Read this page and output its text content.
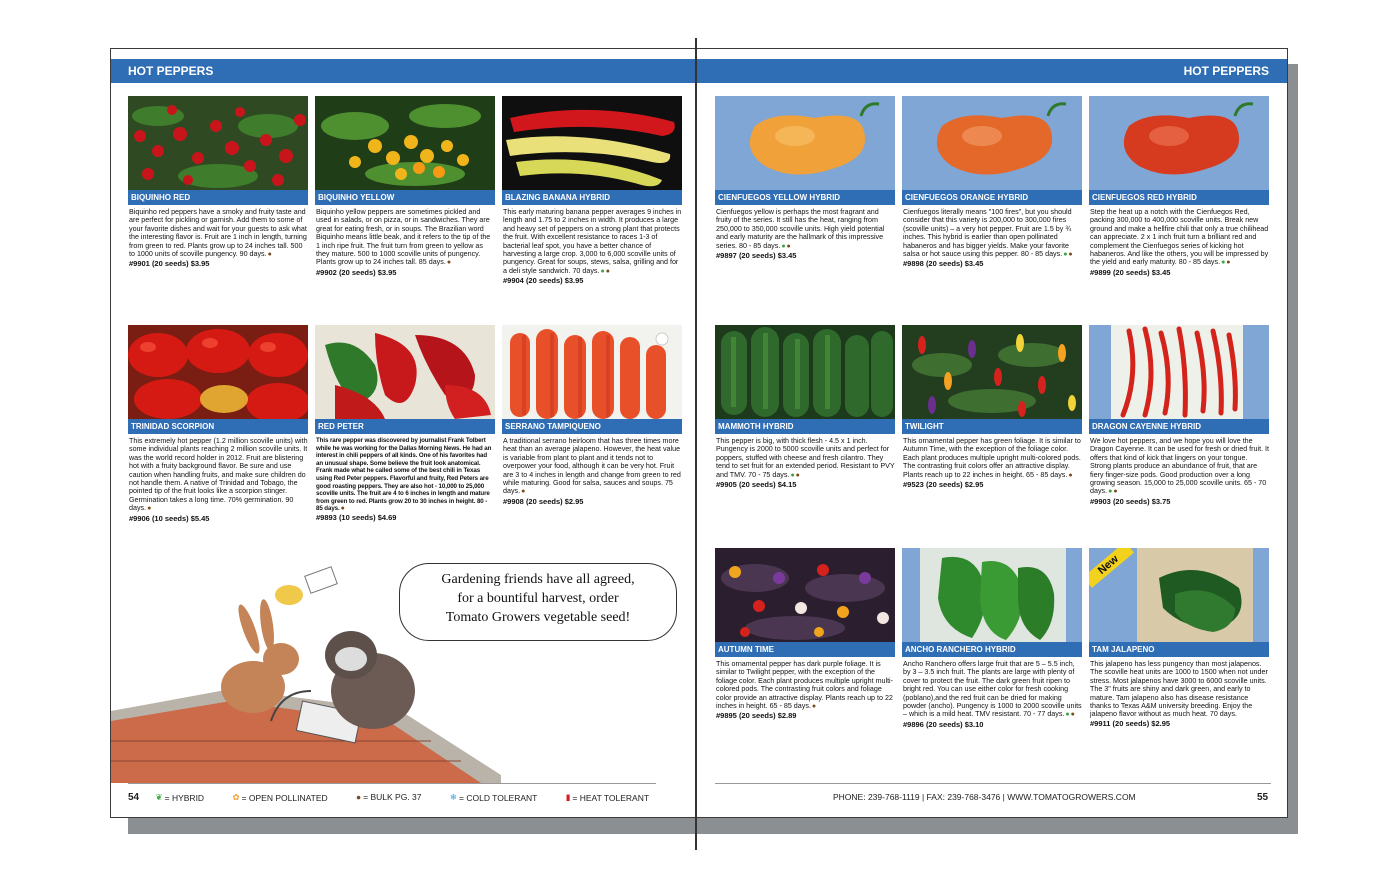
HOT PEPPERS	HOT PEPPERS
BIQUINHO RED
Biquinho red peppers have a smoky and fruity taste and are perfect for pickling or garnish. Add them to some of your favorite dishes and wait for your guests to ask what the interesting flavor is. Fruit are 1 inch in length, turning from green to red. Plants grow up to 24 inches tall. 500 to 1000 units of scoville pungency. 90 days.●
#9901 (20 seeds) $3.95
BIQUINHO YELLOW
Biquinho yellow peppers are sometimes pickled and used in salads, or on pizza, or in sandwiches. They are great for eating fresh, or in soups. The Brazilian word Biquinho means little beak, and it refers to the tip of the 1 inch ripe fruit. The fruit turn from green to yellow as they mature. 500 to 1000 scoville units of pungency. Plants grow up to 24 inches tall. 85 days.●
#9902 (20 seeds) $3.95
BLAZING BANANA HYBRID
This early maturing banana pepper averages 9 inches in length and 1.75 to 2 inches in width. It produces a large and heavy set of peppers on a strong plant that protects the fruit. With excellent resistance to races 1-3 of bacterial leaf spot, you have a better chance of harvesting a large crop. 3,000 to 6,000 scoville units of pungency. Great for soups, stews, salsa, grilling and for a deli style sandwich. 70 days.●●
#9904 (20 seeds) $3.95
TRINIDAD SCORPION
This extremely hot pepper (1.2 million scoville units) with some individual plants reaching 2 million scoville units. It was the world record holder in 2012. Fruit are blistering hot with a fruity background flavor. Be sure and use caution when handling fruits, and make sure children do not handle them. A native of Trinidad and Tobago, the pointed tip of the fruit looks like a scorpion stinger. Germination takes a long time. 70% germination. 90 days.●
#9906 (10 seeds) $5.45
RED PETER
This rare pepper was discovered by journalist Frank Tolbert while he was working for the Dallas Morning News. He had an interest in chili peppers of all kinds. One of his favorites had an unusual shape. Some believe the fruit look anatomical. Frank made what he called some of the best chili in Texas using Red Peter peppers. Flavorful and fruity, Red Peters are good roasting peppers. They are also hot - 10,000 to 25,000 scoville units. The fruit are 4 to 6 inches in length and mature from green to red. Plants grow 20 to 30 inches in height. 80 - 85 days.●
#9893 (10 seeds) $4.69
SERRANO TAMPIQUENO
A traditional serrano heirloom that has three times more heat than an average jalapeno. However, the heat value is variable from plant to plant and it tends not to overpower your food, although it can be very hot. Fruit are 3 to 4 inches in length and change from green to red while maturing. Good for salsa, sauces and soups. 75 days.●
#9908 (20 seeds) $2.95
Gardening friends have all agreed,
for a bountiful harvest, order
Tomato Growers vegetable seed!
CIENFUEGOS YELLOW HYBRID
Cienfuegos yellow is perhaps the most fragrant and fruity of the series. It still has the heat, ranging from 250,000 to 350,000 scoville units. High yield potential and early maturity are the hallmark of this impressive series. 80 - 85 days.●●
#9897 (20 seeds) $3.45
CIENFUEGOS ORANGE HYBRID
Cienfuegos literally means "100 fires", but you should consider that this variety is 200,000 to 300,000 fires (scoville units) – a very hot pepper. Fruit are 1.5 by ¾ inches. This hybrid is earlier than open pollinated habaneros and has bigger yields. Make your favorite salsa or hot sauce using this pepper. 80 - 85 days.●●
#9898 (20 seeds) $3.45
CIENFUEGOS RED HYBRID
Step the heat up a notch with the Cienfuegos Red, packing 300,000 to 400,000 scoville units. Break new ground and make a hellfire chili that only a true chilihead can appreciate. 2 x 1 inch fruit turn a brilliant red and complement the Cienfuegos series of kicking hot habaneros. And like the others, you will be impressed by the yield and early maturity. 80 - 85 days.●●
#9899 (20 seeds) $3.45
MAMMOTH HYBRID
This pepper is big, with thick flesh - 4.5 x 1 inch. Pungency is 2000 to 5000 scoville units and perfect for poppers, stuffed with cheese and fresh cilantro. They tend to set fruit for an extended period. Resistant to PVY and TMV. 70 - 75 days.●●
#9905 (20 seeds) $4.15
TWILIGHT
This ornamental pepper has green foliage. It is similar to Autumn Time, with the exception of the foliage color. Each plant produces multiple upright multi-colored pods. The contrasting fruit colors offer an attractive display. Plants reach up to 22 inches in height. 65 - 85 days.●
#9523 (20 seeds) $2.95
DRAGON CAYENNE HYBRID
We love hot peppers, and we hope you will love the Dragon Cayenne. It can be used for fresh or dried fruit. It offers that kind of kick that lingers on your tongue. Strong plants produce an abundance of fruit, that are fiery finger-size pods. Good production over a long growing season. 15,000 to 25,000 scoville units. 65 - 70 days.●●
#9903 (20 seeds) $3.75
AUTUMN TIME
This ornamental pepper has dark purple foliage. It is similar to Twilight pepper, with the exception of the foliage color. Each plant produces multiple upright multi-colored pods. The contrasting fruit colors and foliage color provide an attractive display. Plants reach up to 22 inches in height. 65 - 85 days.●
#9895 (20 seeds) $2.89
ANCHO RANCHERO HYBRID
Ancho Ranchero offers large fruit that are 5 – 5.5 inch, by 3 – 3.5 inch fruit. The plants are large with plenty of cover to protect the fruit. The dark green fruit ripen to bright red. You can use either color for fresh cooking (poblano),and the red fruit can be dried for making powder (ancho). Pungency is 1000 to 2000 scoville units – which is a mild heat. TMV resistant. 70 - 77 days.●●
#9896 (20 seeds) $3.10
New
TAM JALAPENO
This jalapeno has less pungency than most jalapenos. The scoville heat units are 1000 to 1500 when not under stress. Most jalapenos have 3000 to 6000 scoville units. The 3" fruits are shiny and dark green, and early to mature. Tam jalapeno also has disease resistance thanks to Texas A&M university breeding. Enjoy the jalapeno flavor without as much heat. 70 days.
#9911 (20 seeds) $2.95
54 ❦ = HYBRID
	✿ = OPEN POLLINATED
	● = BULK PG. 37
	❄ = COLD TOLERANT
	▮ = HEAT TOLERANT	PHONE: 239-768-1119 | FAX: 239-768-3476 | WWW.TOMATOGROWERS.COM	55
